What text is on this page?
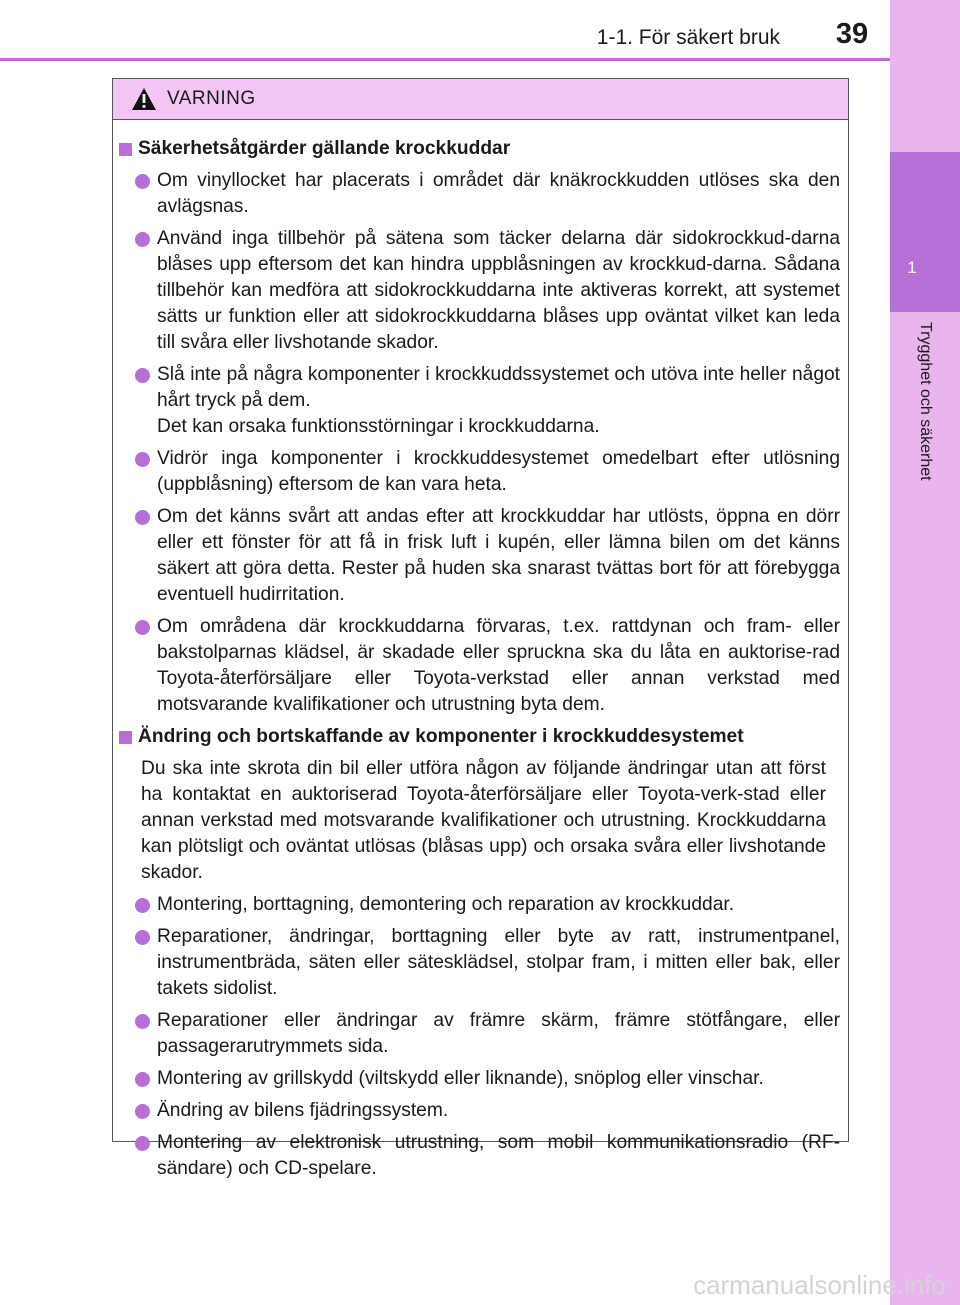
1-1. För säkert bruk	39
1
Trygghet och säkerhet
VARNING
Säkerhetsåtgärder gällande krockkuddar
Om vinyllocket har placerats i området där knäkrockkudden utlöses ska den avlägsnas.
Använd inga tillbehör på sätena som täcker delarna där sidokrockkud-darna blåses upp eftersom det kan hindra uppblåsningen av krockkud-darna. Sådana tillbehör kan medföra att sidokrockkuddarna inte aktiveras korrekt, att systemet sätts ur funktion eller att sidokrockkuddarna blåses upp oväntat vilket kan leda till svåra eller livshotande skador.
Slå inte på några komponenter i krockkuddssystemet och utöva inte heller något hårt tryck på dem.
Det kan orsaka funktionsstörningar i krockkuddarna.
Vidrör inga komponenter i krockkuddesystemet omedelbart efter utlösning (uppblåsning) eftersom de kan vara heta.
Om det känns svårt att andas efter att krockkuddar har utlösts, öppna en dörr eller ett fönster för att få in frisk luft i kupén, eller lämna bilen om det känns säkert att göra detta. Rester på huden ska snarast tvättas bort för att förebygga eventuell hudirritation.
Om områdena där krockkuddarna förvaras, t.ex. rattdynan och fram- eller bakstolparnas klädsel, är skadade eller spruckna ska du låta en auktorise-rad Toyota-återförsäljare eller Toyota-verkstad eller annan verkstad med motsvarande kvalifikationer och utrustning byta dem.
Ändring och bortskaffande av komponenter i krockkuddesystemet
Du ska inte skrota din bil eller utföra någon av följande ändringar utan att först ha kontaktat en auktoriserad Toyota-återförsäljare eller Toyota-verk-stad eller annan verkstad med motsvarande kvalifikationer och utrustning. Krockkuddarna kan plötsligt och oväntat utlösas (blåsas upp) och orsaka svåra eller livshotande skador.
Montering, borttagning, demontering och reparation av krockkuddar.
Reparationer, ändringar, borttagning eller byte av ratt, instrumentpanel, instrumentbräda, säten eller sätesklädsel, stolpar fram, i mitten eller bak, eller takets sidolist.
Reparationer eller ändringar av främre skärm, främre stötfångare, eller passagerarutrymmets sida.
Montering av grillskydd (viltskydd eller liknande), snöplog eller vinschar.
Ändring av bilens fjädringssystem.
Montering av elektronisk utrustning, som mobil kommunikationsradio (RF-sändare) och CD-spelare.
carmanualsonline.info
